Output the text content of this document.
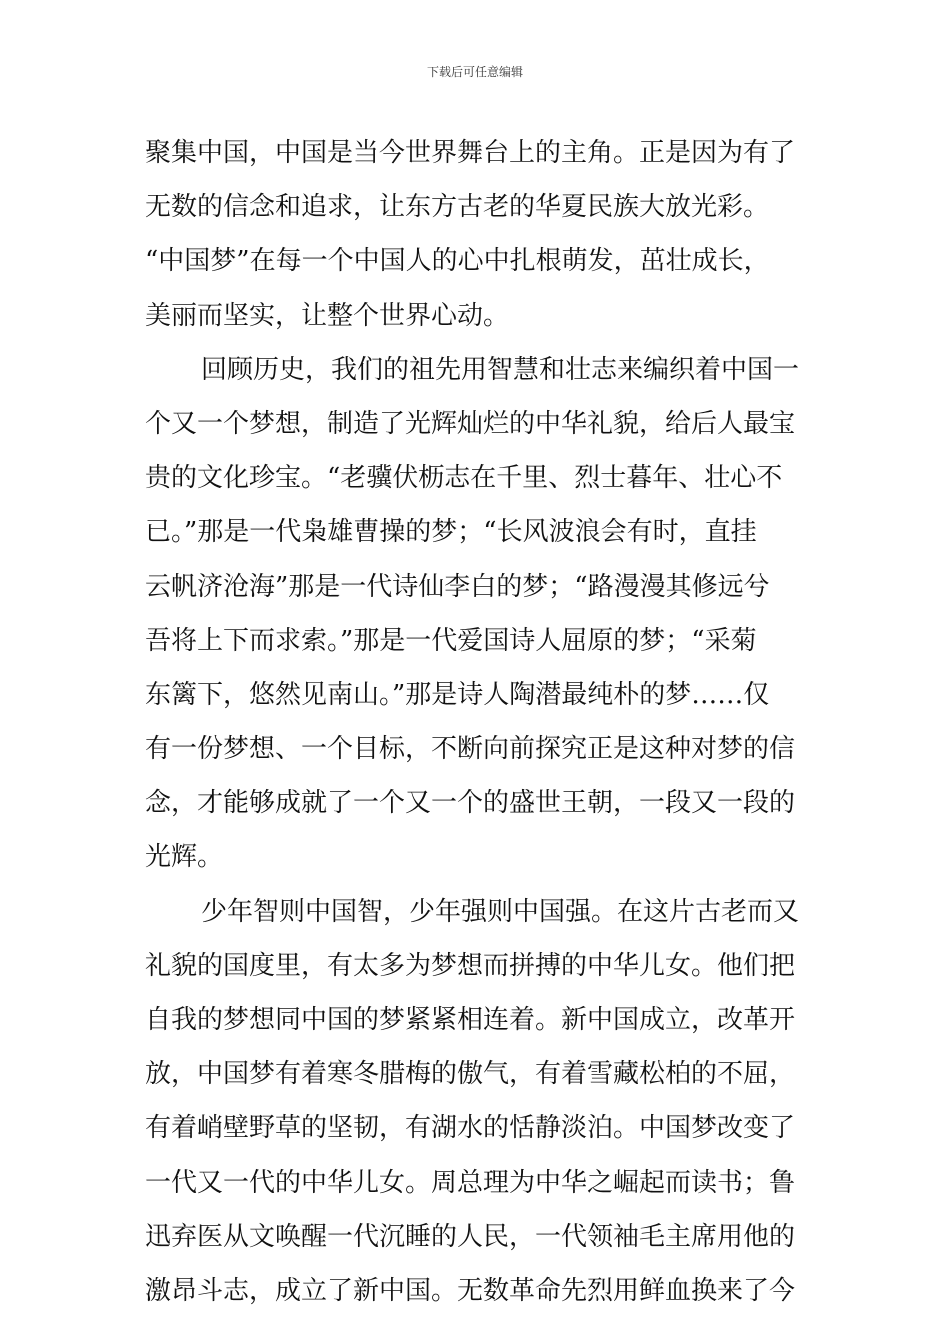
下载后可任意编辑
聚集中国，中国是当今世界舞台上的主角。正是因为有了
无数的信念和追求，让东方古老的华夏民族大放光彩。
“中国梦”在每一个中国人的心中扎根萌发，茁壮成长，
美丽而坚实，让整个世界心动。
回顾历史，我们的祖先用智慧和壮志来编织着中国一
个又一个梦想，制造了光辉灿烂的中华礼貌，给后人最宝
贵的文化珍宝。“老骥伏枥志在千里、烈士暮年、壮心不
已。”那是一代枭雄曹操的梦；“长风波浪会有时，直挂
云帆济沧海”那是一代诗仙李白的梦；“路漫漫其修远兮
吾将上下而求索。”那是一代爱国诗人屈原的梦；“采菊
东篱下，悠然见南山。”那是诗人陶潜最纯朴的梦……仅
有一份梦想、一个目标，不断向前探究正是这种对梦的信
念，才能够成就了一个又一个的盛世王朝，一段又一段的
光辉。
少年智则中国智，少年强则中国强。在这片古老而又
礼貌的国度里，有太多为梦想而拼搏的中华儿女。他们把
自我的梦想同中国的梦紧紧相连着。新中国成立，改革开
放，中国梦有着寒冬腊梅的傲气，有着雪藏松柏的不屈，
有着峭壁野草的坚韧，有湖水的恬静淡泊。中国梦改变了
一代又一代的中华儿女。周总理为中华之崛起而读书；鲁
迅弃医从文唤醒一代沉睡的人民，一代领袖毛主席用他的
激昂斗志，成立了新中国。无数革命先烈用鲜血换来了今
